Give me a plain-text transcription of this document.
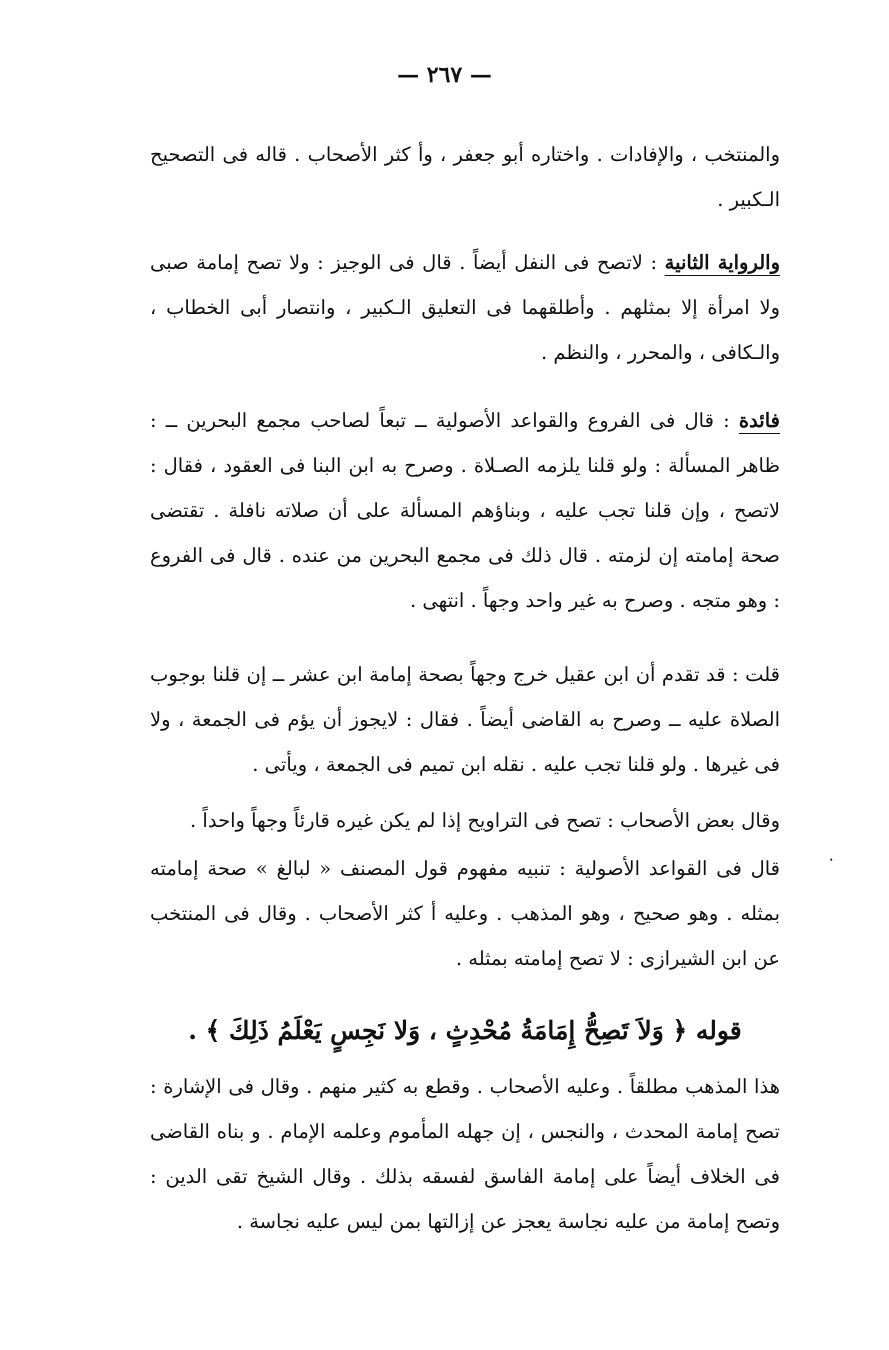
— ٢٦٧ —

والمنتخب ، والإفادات . واختاره أبو جعفر ، وأ كثر الأصحاب . قاله فى التصحيح الـكبير .

والرواية الثانية : لاتصح فى النفل أيضاً . قال فى الوجيز : ولا تصح إمامة صبى ولا امرأة إلا بمثلهم . وأطلقهما فى التعليق الـكبير ، وانتصار أبى الخطاب ، والـكافى ، والمحرر ، والنظم .

فائدة : قال فى الفروع والقواعد الأصولية ــ تبعاً لصاحب مجمع البحرين ــ : ظاهر المسألة : ولو قلنا يلزمه الصـلاة . وصرح به ابن البنا فى العقود ، فقال : لاتصح ، وإن قلنا تجب عليه ، وبناؤهم المسألة على أن صلاته نافلة . تقتضى صحة إمامته إن لزمته . قال ذلك فى مجمع البحرين من عنده . قال فى الفروع : وهو متجه . وصرح به غير واحد وجهاً . انتهى .

قلت : قد تقدم أن ابن عقيل خرج وجهاً بصحة إمامة ابن عشر ــ إن قلنا بوجوب الصلاة عليه ــ وصرح به القاضى أيضاً . فقال : لايجوز أن يؤم فى الجمعة ، ولا فى غيرها . ولو قلنا تجب عليه . نقله ابن تميم فى الجمعة ، ويأتى .

وقال بعض الأصحاب : تصح فى التراويح إذا لم يكن غيره قارئاً وجهاً واحداً .

قال فى القواعد الأصولية : تنبيه مفهوم قول المصنف « لبالغ » صحة إمامته بمثله . وهو صحيح ، وهو المذهب . وعليه أ كثر الأصحاب . وقال فى المنتخب عن ابن الشيرازى : لا تصح إمامته بمثله .

قوله ﴿ وَلاَ تَصِحُّ إِمَامَةُ مُحْدِثٍ ، وَلا نَجِسٍ يَعْلَمُ ذَلِكَ ﴾ .

هذا المذهب مطلقاً . وعليه الأصحاب . وقطع به كثير منهم . وقال فى الإشارة : تصح إمامة المحدث ، والنجس ، إن جهله المأموم وعلمه الإمام . و بناه القاضى فى الخلاف أيضاً على إمامة الفاسق لفسقه بذلك . وقال الشيخ تقى الدين : وتصح إمامة من عليه نجاسة يعجز عن إزالتها بمن ليس عليه نجاسة .

٠
